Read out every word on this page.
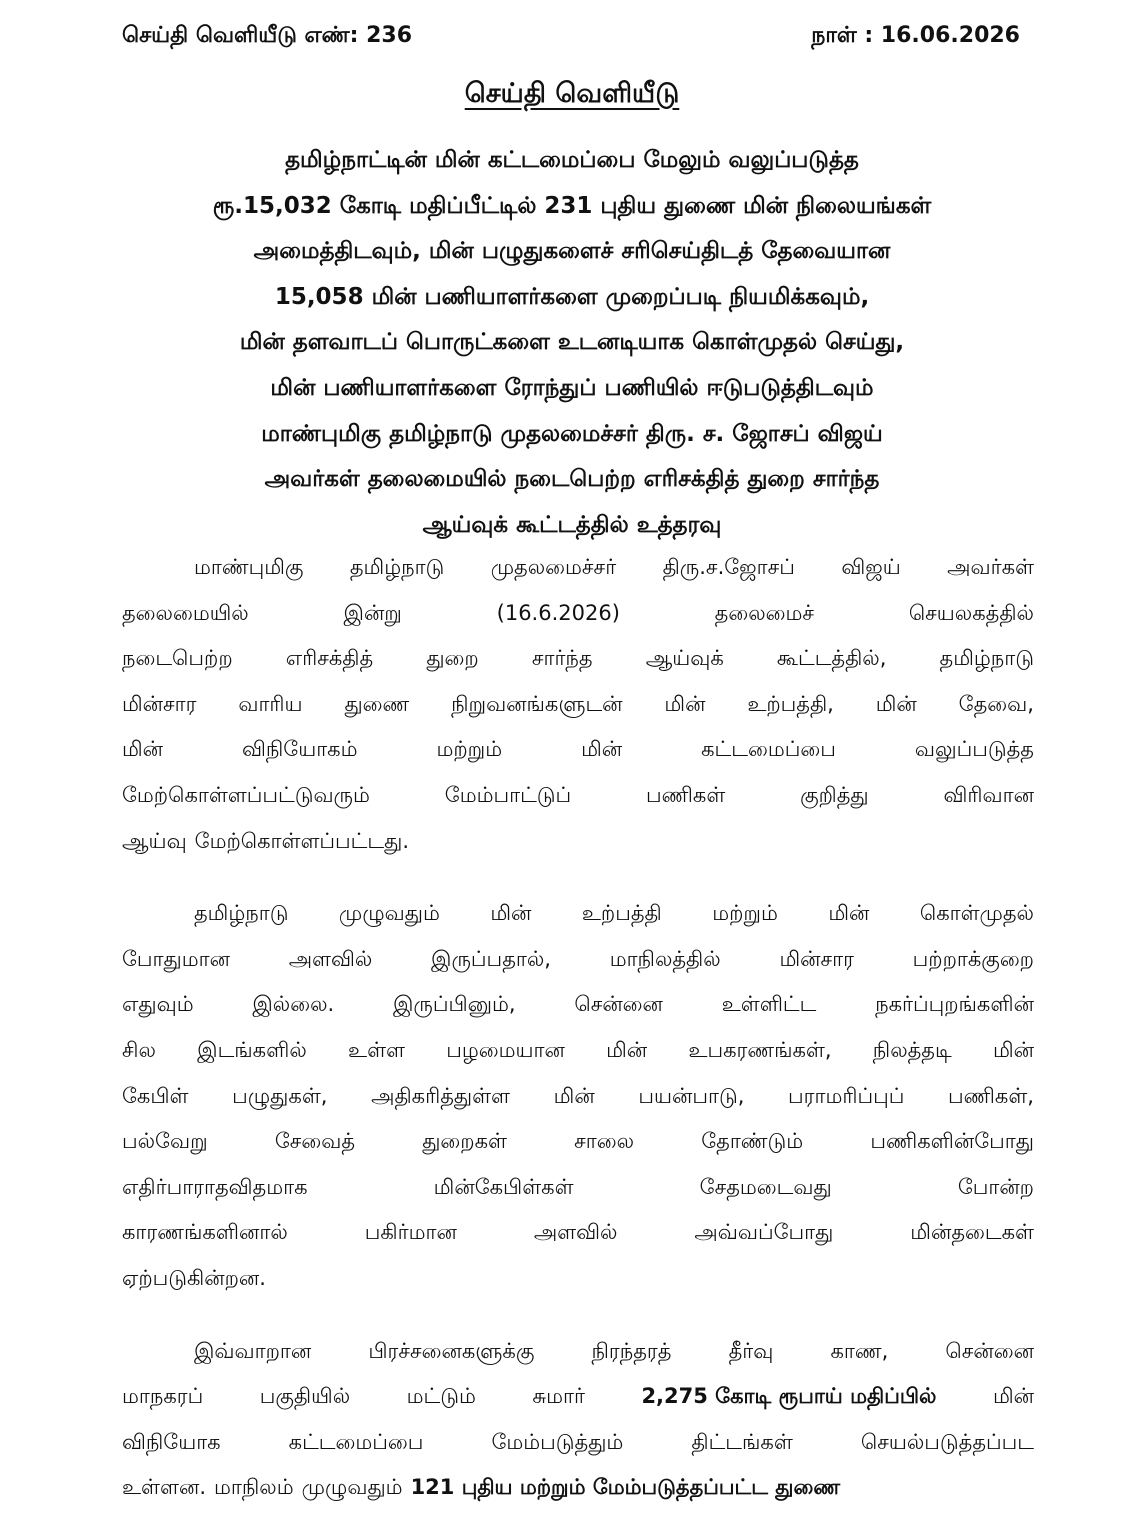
செய்தி வெளியீடு எண்: 236	நாள் : 16.06.2026
செய்தி வெளியீடு
தமிழ்நாட்டின் மின் கட்டமைப்பை மேலும் வலுப்படுத்த
ரூ.15,032 கோடி மதிப்பீட்டில் 231 புதிய துணை மின் நிலையங்கள்
அமைத்திடவும், மின் பழுதுகளைச் சரிசெய்திடத் தேவையான
15,058 மின் பணியாளர்களை முறைப்படி நியமிக்கவும்,
மின் தளவாடப் பொருட்களை உடனடியாக கொள்முதல் செய்து,
மின் பணியாளர்களை ரோந்துப் பணியில் ஈடுபடுத்திடவும்
மாண்புமிகு தமிழ்நாடு முதலமைச்சர் திரு. ச. ஜோசப் விஜய்
அவர்கள் தலைமையில் நடைபெற்ற எரிசக்தித் துறை சார்ந்த
ஆய்வுக் கூட்டத்தில் உத்தரவு
மாண்புமிகு தமிழ்நாடு முதலமைச்சர் திரு.ச.ஜோசப் விஜய் அவர்கள்
தலைமையில்	இன்று	(16.6.2026)	தலைமைச்	செயலகத்தில்
நடைபெற்ற	எரிசக்தித்	துறை	சார்ந்த	ஆய்வுக்	கூட்டத்தில்,	தமிழ்நாடு
மின்சார வாரிய துணை நிறுவனங்களுடன் மின் உற்பத்தி, மின் தேவை,
மின்	விநியோகம்	மற்றும்	மின்	கட்டமைப்பை	வலுப்படுத்த
மேற்கொள்ளப்பட்டுவரும்	மேம்பாட்டுப்	பணிகள்	குறித்து	விரிவான
ஆய்வு மேற்கொள்ளப்பட்டது.
தமிழ்நாடு முழுவதும் மின் உற்பத்தி மற்றும் மின் கொள்முதல்
போதுமான	அளவில்	இருப்பதால்,	மாநிலத்தில்	மின்சார	பற்றாக்குறை
எதுவும்	இல்லை.	இருப்பினும்,	சென்னை	உள்ளிட்ட	நகர்ப்புறங்களின்
சில இடங்களில் உள்ள பழமையான மின் உபகரணங்கள், நிலத்தடி மின்
கேபிள் பழுதுகள், அதிகரித்துள்ள மின் பயன்பாடு, பராமரிப்புப் பணிகள்,
பல்வேறு	சேவைத்	துறைகள்	சாலை	தோண்டும்	பணிகளின்போது
எதிர்பாராதவிதமாக	மின்கேபிள்கள்	சேதமடைவது	போன்ற
காரணங்களினால்	பகிர்மான	அளவில்	அவ்வப்போது	மின்தடைகள்
ஏற்படுகின்றன.
இவ்வாறான	பிரச்சனைகளுக்கு	நிரந்தரத்	தீர்வு	காண,	சென்னை
மாநகரப்	பகுதியில்	மட்டும்	சுமார்	2,275 கோடி ரூபாய் மதிப்பில்	மின்
விநியோக	கட்டமைப்பை	மேம்படுத்தும்	திட்டங்கள்	செயல்படுத்தப்பட
உள்ளன. மாநிலம் முழுவதும் 121 புதிய மற்றும் மேம்படுத்தப்பட்ட துணை
